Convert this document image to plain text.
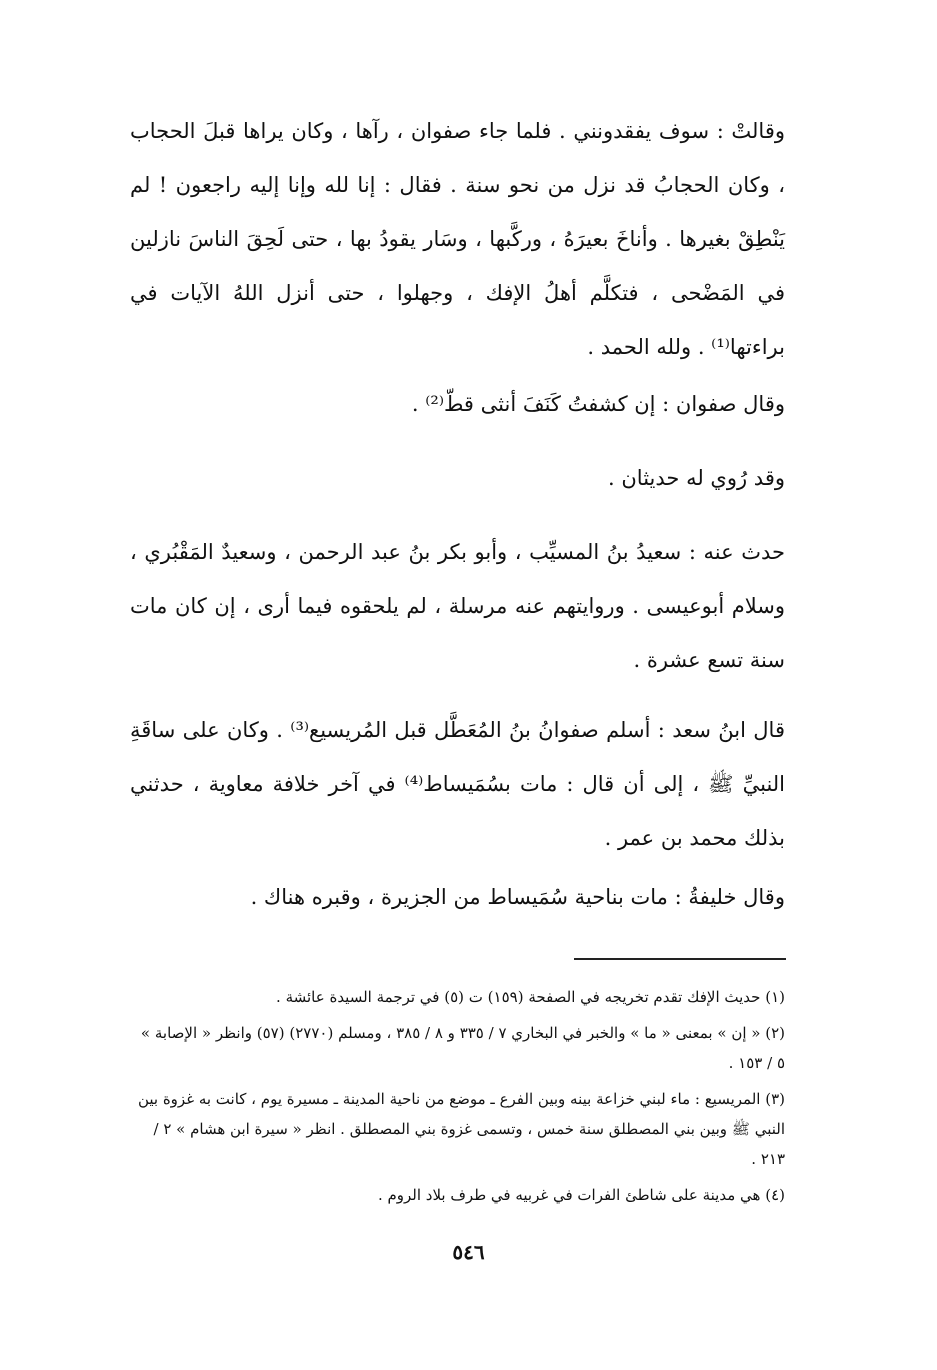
وقالتْ : سوف يفقدونني . فلما جاء صفوان ، رآها ، وكان يراها قبلَ الحجاب ، وكان الحجابُ قد نزل من نحو سنة . فقال : إنا لله وإنا إليه راجعون ! لم يَنْطِقْ بغيرها . وأناخَ بعيرَهُ ، وركَّبها ، وسَار يقودُ بها ، حتى لَحِقَ الناسَ نازلين في المَضْحى ، فتكلَّم أهلُ الإفك ، وجهلوا ، حتى أنزل اللهُ الآيات في براءتها⁽¹⁾ . ولله الحمد .

وقال صفوان : إن كشفتُ كَنَفَ أنثى قطّ⁽²⁾ .

وقد رُوي له حديثان .

حدث عنه : سعيدُ بنُ المسيِّب ، وأبو بكر بنُ عبد الرحمن ، وسعيدٌ المَقْبُري ، وسلام أبوعيسى . وروايتهم عنه مرسلة ، لم يلحقوه فيما أرى ، إن كان مات سنة تسع عشرة .

قال ابنُ سعد : أسلم صفوانُ بنُ المُعَطَّل قبل المُريسيع⁽³⁾ . وكان على ساقَةِ النبيِّ ﷺ ، إلى أن قال : مات بسُمَيساط⁽⁴⁾ في آخر خلافة معاوية ، حدثني بذلك محمد بن عمر .

وقال خليفةُ : مات بناحية سُمَيساط من الجزيرة ، وقبره هناك .

(١) حديث الإفك تقدم تخريجه في الصفحة (١٥٩) ت (٥) في ترجمة السيدة عائشة .

(٢) « إن » بمعنى « ما » والخبر في البخاري ٧ / ٣٣٥ و ٨ / ٣٨٥ ، ومسلم (٢٧٧٠) (٥٧) وانظر « الإصابة » ٥ / ١٥٣ .

(٣) المريسيع : ماء لبني خزاعة بينه وبين الفرع ـ موضع من ناحية المدينة ـ مسيرة يوم ، كانت به غزوة بين النبي ﷺ وبين بني المصطلق سنة خمس ، وتسمى غزوة بني المصطلق . انظر « سيرة ابن هشام » ٢ / ٢١٣ .

(٤) هي مدينة على شاطئ الفرات في غربيه في طرف بلاد الروم .

٥٤٦
